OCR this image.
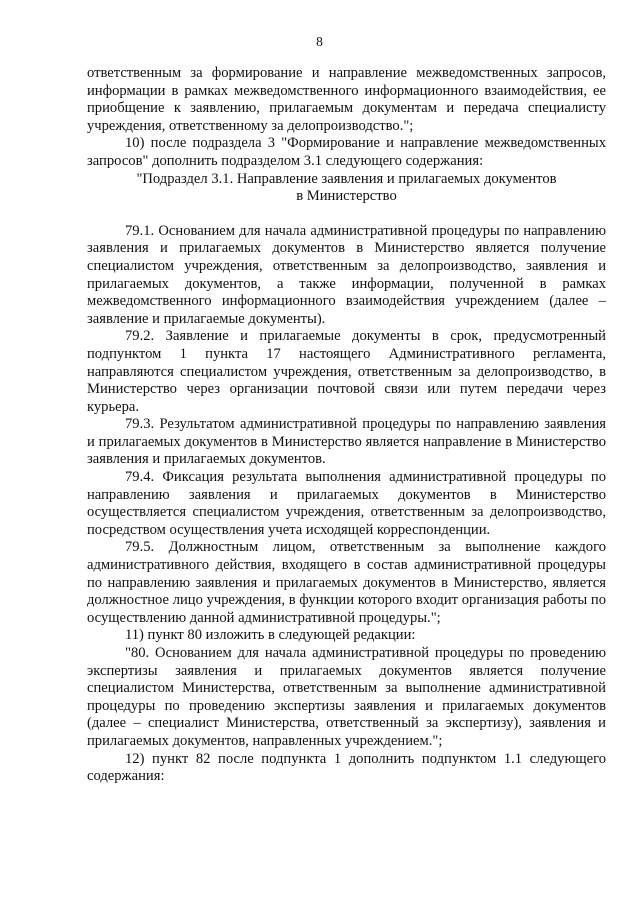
8

ответственным за формирование и направление межведомственных запросов, информации в рамках межведомственного информационного взаимодействия, ее приобщение к заявлению, прилагаемым документам и передача специалисту учреждения, ответственному за делопроизводство.";

10) после подраздела 3 "Формирование и направление межведомственных запросов" дополнить подразделом 3.1 следующего содержания:

"Подраздел 3.1. Направление заявления и прилагаемых документов

в Министерство

79.1. Основанием для начала административной процедуры по направлению заявления и прилагаемых документов в Министерство является получение специалистом учреждения, ответственным за делопроизводство, заявления и прилагаемых документов, а также информации, полученной в рамках межведомственного информационного взаимодействия учреждением (далее – заявление и прилагаемые документы).

79.2. Заявление и прилагаемые документы в срок, предусмотренный подпунктом 1 пункта 17 настоящего Административного регламента, направляются специалистом учреждения, ответственным за делопроизводство, в Министерство через организации почтовой связи или путем передачи через курьера.

79.3. Результатом административной процедуры по направлению заявления и прилагаемых документов в Министерство является направление в Министерство заявления и прилагаемых документов.

79.4. Фиксация результата выполнения административной процедуры по направлению заявления и прилагаемых документов в Министерство осуществляется специалистом учреждения, ответственным за делопроизводство, посредством осуществления учета исходящей корреспонденции.

79.5. Должностным лицом, ответственным за выполнение каждого административного действия, входящего в состав административной процедуры по направлению заявления и прилагаемых документов в Министерство, является должностное лицо учреждения, в функции которого входит организация работы по осуществлению данной административной процедуры.";

11) пункт 80 изложить в следующей редакции:

"80. Основанием для начала административной процедуры по проведению экспертизы заявления и прилагаемых документов является получение специалистом Министерства, ответственным за выполнение административной процедуры по проведению экспертизы заявления и прилагаемых документов (далее – специалист Министерства, ответственный за экспертизу), заявления и прилагаемых документов, направленных учреждением.";

12) пункт 82 после подпункта 1 дополнить подпунктом 1.1 следующего содержания:
